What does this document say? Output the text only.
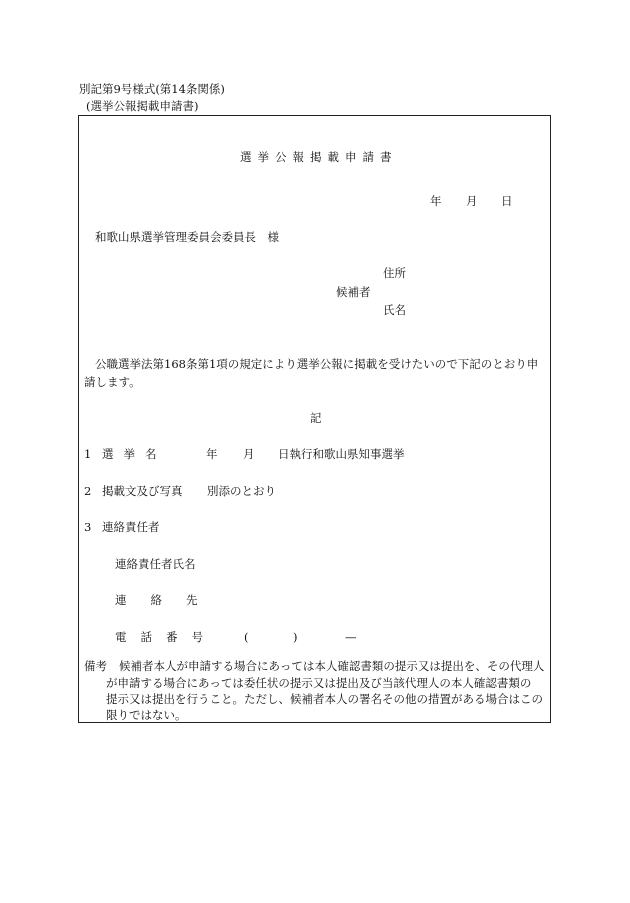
別記第9号様式(第14条関係)
(選挙公報掲載申請書)
選挙公報掲載申請書
年 月 日
和歌山県選挙管理委員会委員長　様
住所
候補者
氏名
公職選挙法第168条第1項の規定により選挙公報に掲載を受けたいので下記のとおり申
請します。
記
1 選挙名	年 月 日執行和歌山県知事選挙
2 掲載文及び写真 別添のとおり
3 連絡責任者
連絡責任者氏名
連絡先
電話番号 (	)	—
備考 候補者本人が申請する場合にあっては本人確認書類の提示又は提出を、その代理人
が申請する場合にあっては委任状の提示又は提出及び当該代理人の本人確認書類の
提示又は提出を行うこと。ただし、候補者本人の署名その他の措置がある場合はこの
限りではない。
